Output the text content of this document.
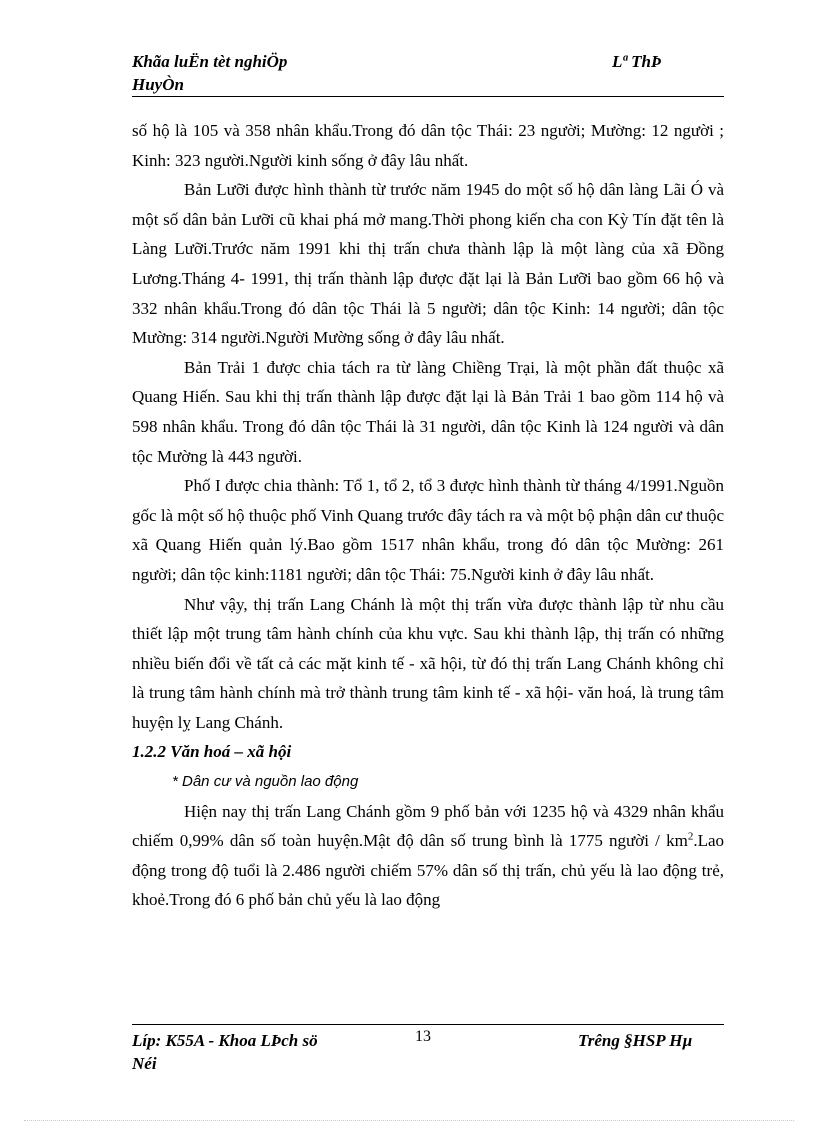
Khãa luËn tèt nghiÖp
HuyÒn
Lª ThÞ

số hộ là 105 và 358 nhân khẩu.Trong đó dân tộc Thái: 23 người; Mường: 12 người ; Kinh: 323 người.Người kinh sống ở đây lâu nhất.

Bản Lưỡi được hình thành từ trước năm 1945 do một số hộ dân làng Lãi Ó và một số dân bản Lưỡi cũ khai phá mở mang.Thời phong kiến cha con Kỳ Tín đặt tên là Làng Lưỡi.Trước năm 1991 khi thị trấn chưa thành lập là một làng của xã Đồng Lương.Tháng 4- 1991, thị trấn thành lập được đặt lại là Bản Lưỡi bao gồm 66 hộ và 332 nhân khẩu.Trong đó dân tộc Thái là 5 người; dân tộc Kinh: 14 người; dân tộc Mường: 314 người.Người Mường sống ở đây lâu nhất.

Bản Trải 1 được chia tách ra từ làng Chiềng Trại, là một phần đất thuộc xã Quang Hiến. Sau khi thị trấn thành lập được đặt lại là Bản Trải 1 bao gồm 114 hộ và 598 nhân khẩu. Trong đó dân tộc Thái là 31 người, dân tộc Kinh là 124 người và dân tộc Mường là 443 người.

Phố I được chia thành: Tổ 1, tổ 2, tổ 3 được hình thành từ tháng 4/1991.Nguồn gốc là một số hộ thuộc phố Vinh Quang trước đây tách ra và một bộ phận dân cư thuộc xã Quang Hiến quản lý.Bao gồm 1517 nhân khẩu, trong đó dân tộc Mường: 261 người; dân tộc kinh:1181 người; dân tộc Thái: 75.Người kinh ở đây lâu nhất.

Như vậy, thị trấn Lang Chánh là một thị trấn vừa được thành lập từ nhu cầu thiết lập một trung tâm hành chính của khu vực. Sau khi thành lập, thị trấn có những nhiều biến đổi về tất cả các mặt kinh tế - xã hội, từ đó thị trấn Lang Chánh không chỉ là trung tâm hành chính mà trở thành trung tâm kinh tế - xã hội- văn hoá, là trung tâm huyện lỵ Lang Chánh.

1.2.2 Văn hoá – xã hội

* Dân cư và nguồn lao động

Hiện nay thị trấn Lang Chánh gồm 9 phố bản với 1235 hộ và 4329 nhân khẩu chiếm 0,99% dân số toàn huyện.Mật độ dân số trung bình là 1775 người / $km^2.Lao$ động trong độ tuổi là 2.486 người chiếm 57% dân số thị trấn, chủ yếu là lao động trẻ, khoẻ.Trong đó 6 phố bản chủ yếu là lao động

Líp: K55A - Khoa LÞch sö
Néi
13	Trêng §HSP Hµ
